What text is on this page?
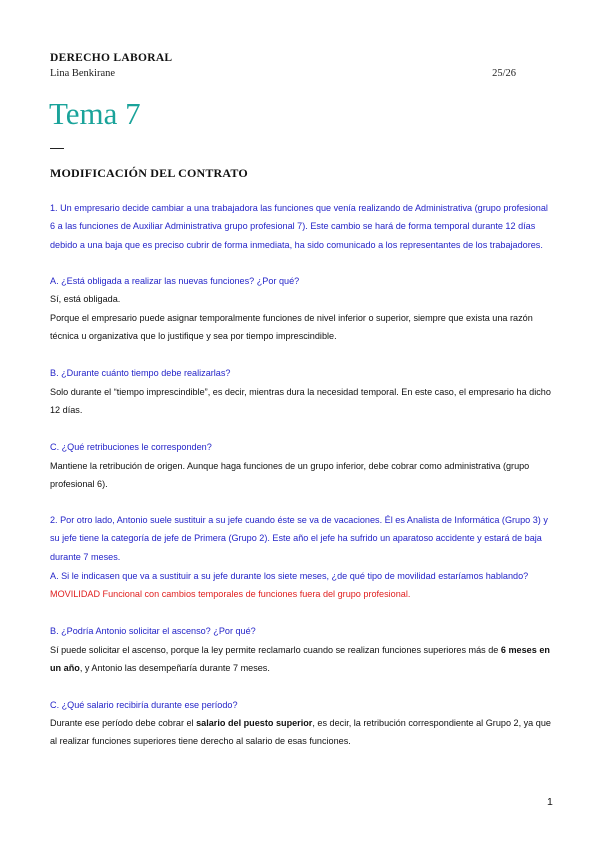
DERECHO LABORAL
Lina Benkirane	25/26
Tema 7
MODIFICACIÓN DEL CONTRATO

1. Un empresario decide cambiar a una trabajadora las funciones que venía realizando de Administrativa (grupo profesional 6 a las funciones de Auxiliar Administrativa grupo profesional 7). Este cambio se hará de forma temporal durante 12 días debido a una baja que es preciso cubrir de forma inmediata, ha sido comunicado a los representantes de los trabajadores.

A. ¿Está obligada a realizar las nuevas funciones? ¿Por qué?

Sí, está obligada.

Porque el empresario puede asignar temporalmente funciones de nivel inferior o superior, siempre que exista una razón técnica u organizativa que lo justifique y sea por tiempo imprescindible.

B. ¿Durante cuánto tiempo debe realizarlas?

Solo durante el “tiempo imprescindible”, es decir, mientras dura la necesidad temporal. En este caso, el empresario ha dicho 12 días.

C. ¿Qué retribuciones le corresponden?

Mantiene la retribución de origen. Aunque haga funciones de un grupo inferior, debe cobrar como administrativa (grupo profesional 6).

2. Por otro lado, Antonio suele sustituir a su jefe cuando éste se va de vacaciones. Él es Analista de Informática (Grupo 3) y su jefe tiene la categoría de jefe de Primera (Grupo 2). Este año el jefe ha sufrido un aparatoso accidente y estará de baja durante 7 meses.

A. Si le indicasen que va a sustituir a su jefe durante los siete meses, ¿de qué tipo de movilidad estaríamos hablando? MOVILIDAD Funcional con cambios temporales de funciones fuera del grupo profesional.

B. ¿Podría Antonio solicitar el ascenso? ¿Por qué?

Sí puede solicitar el ascenso, porque la ley permite reclamarlo cuando se realizan funciones superiores más de 6 meses en un año, y Antonio las desempeñaría durante 7 meses.

C. ¿Qué salario recibiría durante ese período?

Durante ese período debe cobrar el salario del puesto superior, es decir, la retribución correspondiente al Grupo 2, ya que al realizar funciones superiores tiene derecho al salario de esas funciones.

1
